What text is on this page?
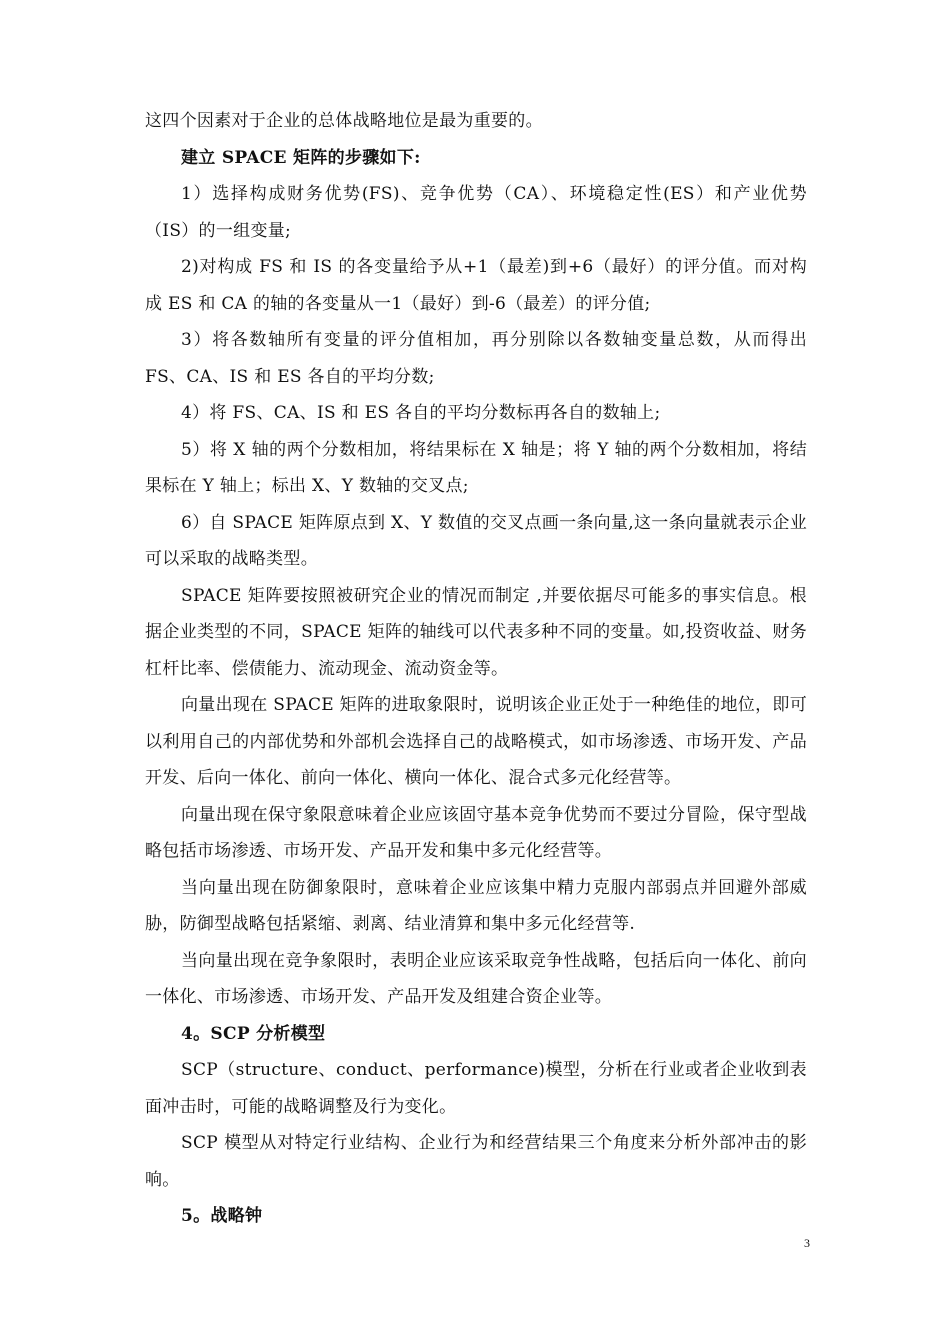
这四个因素对于企业的总体战略地位是最为重要的。

建立 SPACE 矩阵的步骤如下:

1）选择构成财务优势(FS)、竞争优势（CA）、环境稳定性(ES）和产业优势（IS）的一组变量;

2)对构成 FS 和 IS 的各变量给予从+1（最差)到+6（最好）的评分值。而对构成 ES 和 CA 的轴的各变量从一1（最好）到-6（最差）的评分值;

3）将各数轴所有变量的评分值相加，再分别除以各数轴变量总数，从而得出 FS、CA、IS 和 ES 各自的平均分数;

4）将 FS、CA、IS 和 ES 各自的平均分数标再各自的数轴上;

5）将 X 轴的两个分数相加，将结果标在 X 轴是；将 Y 轴的两个分数相加，将结果标在 Y 轴上；标出 X、Y 数轴的交叉点;

6）自 SPACE 矩阵原点到 X、Y 数值的交叉点画一条向量,这一条向量就表示企业可以采取的战略类型。

SPACE 矩阵要按照被研究企业的情况而制定 ,并要依据尽可能多的事实信息。根据企业类型的不同，SPACE 矩阵的轴线可以代表多种不同的变量。如,投资收益、财务杠杆比率、偿债能力、流动现金、流动资金等。

向量出现在 SPACE 矩阵的进取象限时，说明该企业正处于一种绝佳的地位，即可以利用自己的内部优势和外部机会选择自己的战略模式，如市场渗透、市场开发、产品开发、后向一体化、前向一体化、横向一体化、混合式多元化经营等。

向量出现在保守象限意味着企业应该固守基本竞争优势而不要过分冒险，保守型战略包括市场渗透、市场开发、产品开发和集中多元化经营等。

当向量出现在防御象限时，意味着企业应该集中精力克服内部弱点并回避外部威胁，防御型战略包括紧缩、剥离、结业清算和集中多元化经营等.

当向量出现在竞争象限时，表明企业应该采取竞争性战略，包括后向一体化、前向一体化、市场渗透、市场开发、产品开发及组建合资企业等。

4。SCP 分析模型

SCP（structure、conduct、performance)模型，分析在行业或者企业收到表面冲击时，可能的战略调整及行为变化。

SCP 模型从对特定行业结构、企业行为和经营结果三个角度来分析外部冲击的影响。

5。战略钟

3
